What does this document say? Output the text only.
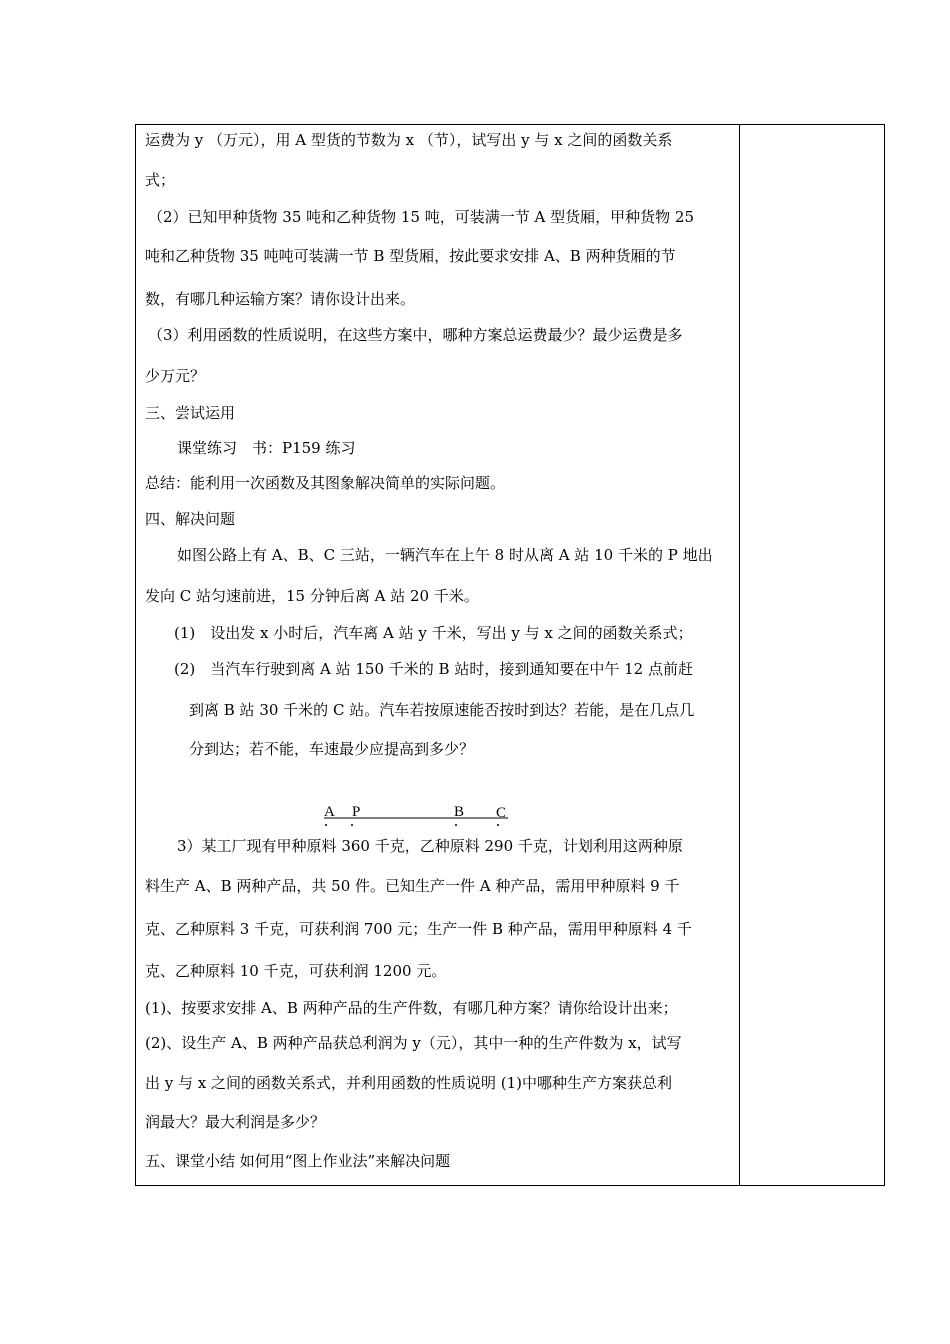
运费为 y （万元），用 A 型货的节数为 x （节），试写出 y 与 x 之间的函数关系
式；
（2）已知甲种货物 35 吨和乙种货物 15 吨，可装满一节 A 型货厢，甲种货物 25
吨和乙种货物 35 吨吨可装满一节 B 型货厢，按此要求安排 A、B 两种货厢的节
数，有哪几种运输方案？请你设计出来。
（3）利用函数的性质说明，在这些方案中，哪种方案总运费最少？最少运费是多
少万元？
三、尝试运用
课堂练习　书：P159 练习
总结：能利用一次函数及其图象解决简单的实际问题。
四、解决问题
如图公路上有 A、B、C 三站，一辆汽车在上午 8 时从离 A 站 10 千米的 P 地出
发向 C 站匀速前进，15 分钟后离 A 站 20 千米。
(1)　设出发 x 小时后，汽车离 A 站 y 千米，写出 y 与 x 之间的函数关系式；
(2)　当汽车行驶到离 A 站 150 千米的 B 站时，接到通知要在中午 12 点前赶
到离 B 站 30 千米的 C 站。汽车若按原速能否按时到达？若能，是在几点几
分到达；若不能，车速最少应提高到多少？
A P	B C
3）某工厂现有甲种原料 360 千克，乙种原料 290 千克，计划利用这两种原
料生产 A、B 两种产品，共 50 件。已知生产一件 A 种产品，需用甲种原料 9 千
克、乙种原料 3 千克，可获利润 700 元；生产一件 B 种产品，需用甲种原料 4 千
克、乙种原料 10 千克，可获利润 1200 元。
(1)、按要求安排 A、B 两种产品的生产件数，有哪几种方案？请你给设计出来；
(2)、设生产 A、B 两种产品获总利润为 y（元），其中一种的生产件数为 x，试写
出 y 与 x 之间的函数关系式，并利用函数的性质说明 (1)中哪种生产方案获总利
润最大？最大利润是多少？
五、课堂小结 如何用“图上作业法”来解决问题
